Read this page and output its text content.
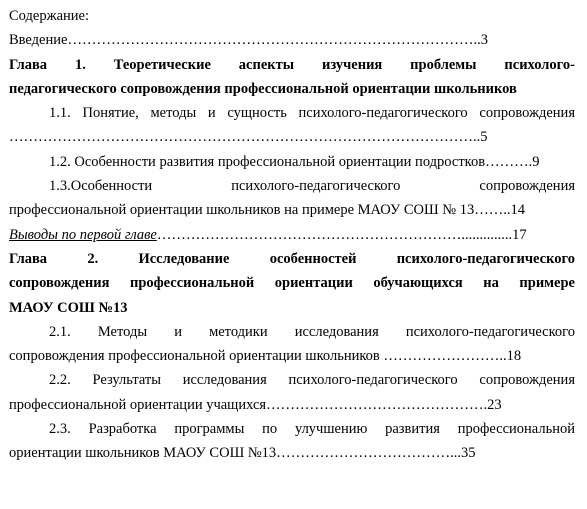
Содержание:

Введение…………………………………………………………………………..3

Глава 1. Теоретические аспекты изучения проблемы психолого-

педагогического сопровождения профессиональной ориентации школьников

1.1. Понятие, методы и сущность психолого-педагогического сопровождения

……………………………………………………………………………………..5

1.2. Особенности развития профессиональной ориентации подростков……….9

1.3.Особенности психолого-педагогического сопровождения

профессиональной ориентации школьников на примере МАОУ СОШ № 13……..14

Выводы по первой главе………………………………………………………..............17

Глава 2. Исследование особенностей психолого-педагогического

сопровождения профессиональной ориентации обучающихся на примере

МАОУ СОШ №13

2.1. Методы и методики исследования психолого-педагогического

сопровождения профессиональной ориентации школьников ……………………..18

2.2. Результаты исследования психолого-педагогического сопровождения

профессиональной ориентации учащихся……………………………………….23

2.3. Разработка программы по улучшению развития профессиональной

ориентации школьников МАОУ СОШ №13………………………………...35
